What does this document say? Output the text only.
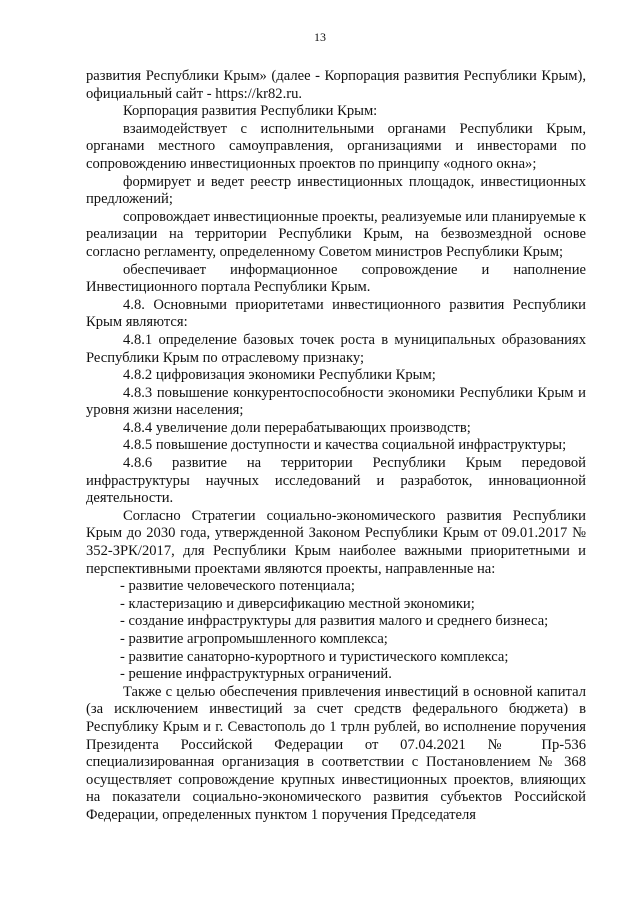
13

развития Республики Крым» (далее - Корпорация развития Республики Крым), официальный сайт - https://kr82.ru.

Корпорация развития Республики Крым:

взаимодействует с исполнительными органами Республики Крым, органами местного самоуправления, организациями и инвесторами по сопровождению инвестиционных проектов по принципу «одного окна»;

формирует и ведет реестр инвестиционных площадок, инвестиционных предложений;

сопровождает инвестиционные проекты, реализуемые или планируемые к реализации на территории Республики Крым, на безвозмездной основе согласно регламенту, определенному Советом министров Республики Крым;

обеспечивает информационное сопровождение и наполнение Инвестиционного портала Республики Крым.

4.8. Основными приоритетами инвестиционного развития Республики Крым являются:

4.8.1 определение базовых точек роста в муниципальных образованиях Республики Крым по отраслевому признаку;

4.8.2 цифровизация экономики Республики Крым;

4.8.3 повышение конкурентоспособности экономики Республики Крым и уровня жизни населения;

4.8.4 увеличение доли перерабатывающих производств;

4.8.5 повышение доступности и качества социальной инфраструктуры;

4.8.6 развитие на территории Республики Крым передовой инфраструктуры научных исследований и разработок, инновационной деятельности.

Согласно Стратегии социально-экономического развития Республики Крым до 2030 года, утвержденной Законом Республики Крым от 09.01.2017 № 352-ЗРК/2017, для Республики Крым наиболее важными приоритетными и перспективными проектами являются проекты, направленные на:

- развитие человеческого потенциала;

- кластеризацию и диверсификацию местной экономики;

- создание инфраструктуры для развития малого и среднего бизнеса;

- развитие агропромышленного комплекса;

- развитие санаторно-курортного и туристического комплекса;

- решение инфраструктурных ограничений.

Также с целью обеспечения привлечения инвестиций в основной капитал (за исключением инвестиций за счет средств федерального бюджета) в Республику Крым и г. Севастополь до 1 трлн рублей, во исполнение поручения Президента Российской Федерации от 07.04.2021 № Пр-536 специализированная организация в соответствии с Постановлением № 368 осуществляет сопровождение крупных инвестиционных проектов, влияющих на показатели социально-экономического развития субъектов Российской Федерации, определенных пунктом 1 поручения Председателя
